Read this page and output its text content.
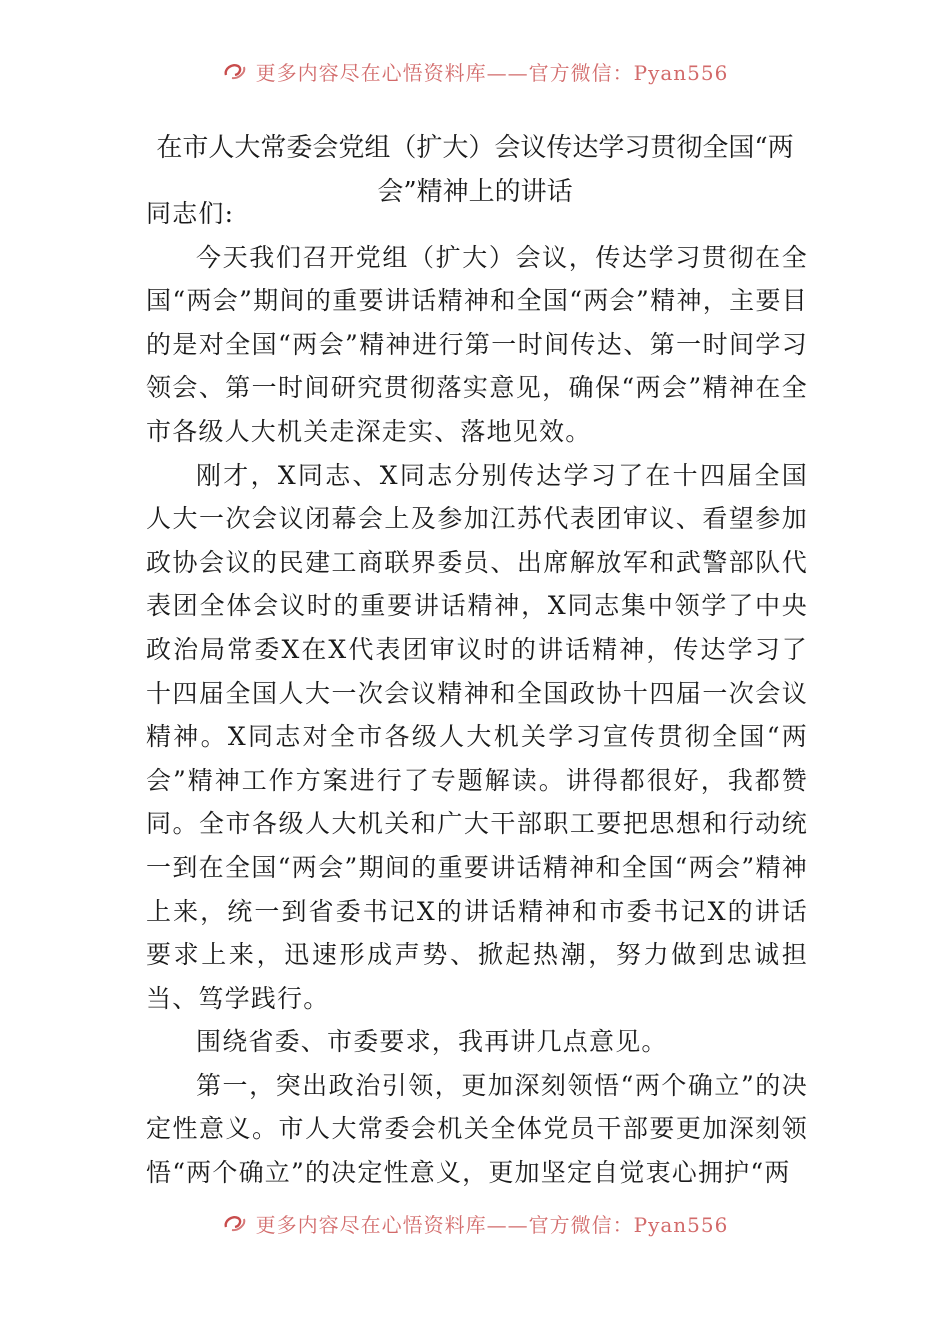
更多内容尽在心悟资料库——官方微信：Pyan556
在市人大常委会党组（扩大）会议传达学习贯彻全国“两
会”精神上的讲话

同志们:

今天我们召开党组（扩大）会议，传达学习贯彻在全国“两会”期间的重要讲话精神和全国“两会”精神，主要目的是对全国“两会”精神进行第一时间传达、第一时间学习领会、第一时间研究贯彻落实意见，确保“两会”精神在全市各级人大机关走深走实、落地见效。

刚才，X同志、X同志分别传达学习了在十四届全国人大一次会议闭幕会上及参加江苏代表团审议、看望参加政协会议的民建工商联界委员、出席解放军和武警部队代表团全体会议时的重要讲话精神，X同志集中领学了中央政治局常委X在X代表团审议时的讲话精神，传达学习了十四届全国人大一次会议精神和全国政协十四届一次会议精神。X同志对全市各级人大机关学习宣传贯彻全国“两会”精神工作方案进行了专题解读。讲得都很好，我都赞同。全市各级人大机关和广大干部职工要把思想和行动统一到在全国“两会”期间的重要讲话精神和全国“两会”精神上来，统一到省委书记X的讲话精神和市委书记X的讲话要求上来，迅速形成声势、掀起热潮，努力做到忠诚担当、笃学践行。

围绕省委、市委要求，我再讲几点意见。

第一，突出政治引领，更加深刻领悟“两个确立”的决定性意义。市人大常委会机关全体党员干部要更加深刻领悟“两个确立”的决定性意义，更加坚定自觉衷心拥护“两

更多内容尽在心悟资料库——官方微信：Pyan556
